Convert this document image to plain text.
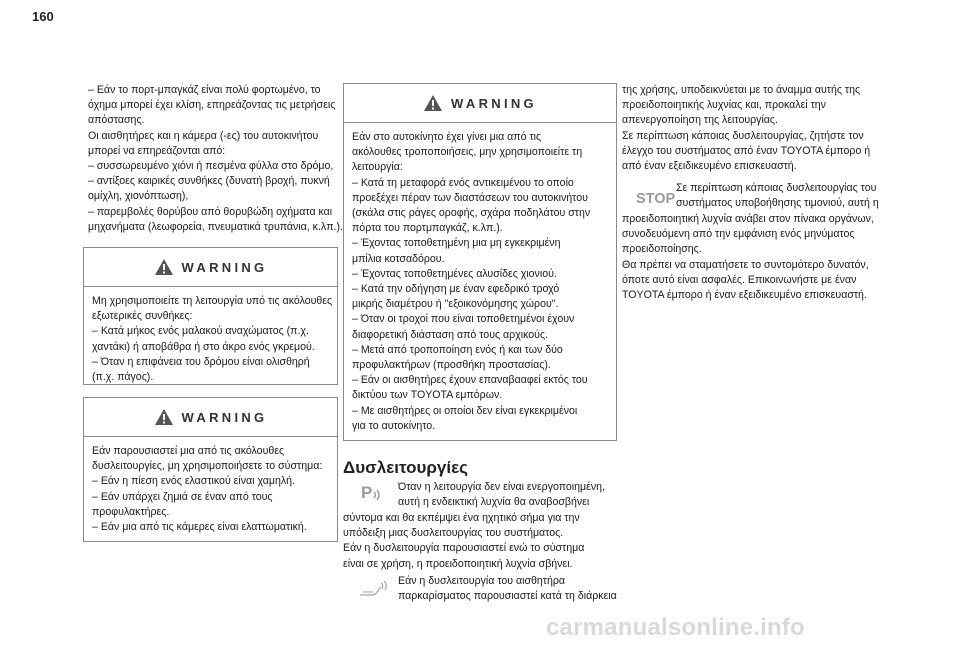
160

– Εάν το πορτ-μπαγκάζ είναι πολύ φορτωμένο, το

όχημα μπορεί έχει κλίση, επηρεάζοντας τις μετρήσεις

απόστασης.

Οι αισθητήρες και η κάμερα (-ες) του αυτοκινήτου

μπορεί να επηρεάζονται από:

– συσσωρευμένο χιόνι ή πεσμένα φύλλα στο δρόμο,

– αντίξοες καιρικές συνθήκες (δυνατή βροχή, πυκνή

ομίχλη, χιονόπτωση),

– παρεμβολές θορύβου από θορυβώδη οχήματα και

μηχανήματα (λεωφορεία, πνευματικά τρυπάνια, κ.λπ.).

WARNING

Μη χρησιμοποιείτε τη λειτουργία υπό τις ακόλουθες

εξωτερικές συνθήκες:

– Κατά μήκος ενός μαλακού αναχώματος (π.χ.

χαντάκι) ή αποβάθρα ή στο άκρο ενός γκρεμού.

– Όταν η επιφάνεια του δρόμου είναι ολισθηρή

(π.χ. πάγος).

WARNING

Εάν παρουσιαστεί μια από τις ακόλουθες

δυσλειτουργίες, μη χρησιμοποιήσετε το σύστημα:

– Εάν η πίεση ενός ελαστικού είναι χαμηλή.

– Εάν υπάρχει ζημιά σε έναν από τους

προφυλακτήρες.

– Εάν μια από τις κάμερες είναι ελαττωματική.

WARNING

Εάν στο αυτοκίνητο έχει γίνει μια από τις

ακόλουθες τροποποιήσεις, μην χρησιμοποιείτε τη

λειτουργία:

– Κατά τη μεταφορά ενός αντικειμένου το οποίο

προεξέχει πέραν των διαστάσεων του αυτοκινήτου

(σκάλα στις ράγες οροφής, σχάρα ποδηλάτου στην

πόρτα του πορτμπαγκάζ, κ.λπ.).

– Έχοντας τοποθετημένη μια μη εγκεκριμένη

μπίλια κοτσαδόρου.

– Έχοντας τοποθετημένες αλυσίδες χιονιού.

– Κατά την οδήγηση με έναν εφεδρικό τροχό

μικρής διαμέτρου ή "εξοικονόμησης χώρου".

– Όταν οι τροχοί που είναι τοποθετημένοι έχουν

διαφορετική διάσταση από τους αρχικούς.

– Μετά από τροποποίηση ενός ή και των δύο

προφυλακτήρων (προσθήκη προστασίας).

– Εάν οι αισθητήρες έχουν επαναβααφεί εκτός του

δικτύου των TOYOTA εμπόρων.

– Με αισθητήρες οι οποίοι δεν είναι εγκεκριμένοι

για το αυτοκίνητο.

Δυσλειτουργίες
P Όταν η λειτουργία δεν είναι ενεργοποιημένη,

αυτή η ενδεικτική λυχνία θα αναβοσβήνει

σύντομα και θα εκπέμψει ένα ηχητικό σήμα για την

υπόδειξη μιας δυσλειτουργίας του συστήματος.

Εάν η δυσλειτουργία παρουσιαστεί ενώ το σύστημα

είναι σε χρήση, η προειδοποιητική λυχνία σβήνει.

Εάν η δυσλειτουργία του αισθητήρα

παρκαρίσματος παρουσιαστεί κατά τη διάρκεια

της χρήσης, υποδεικνύεται με το άναμμα αυτής της

προειδοποιητικής λυχνίας και, προκαλεί την

απενεργοποίηση της λειτουργίας.

Σε περίπτωση κάποιας δυσλειτουργίας, ζητήστε τον

έλεγχο του συστήματος από έναν TOYOTA έμπορο ή

από έναν εξειδικευμένο επισκευαστή.

STOP

Σε περίπτωση κάποιας δυσλειτουργίας του

συστήματος υποβοήθησης τιμονιού, αυτή η

προειδοποιητική λυχνία ανάβει στον πίνακα οργάνων,

συνοδευόμενη από την εμφάνιση ενός μηνύματος

προειδοποίησης.

Θα πρέπει να σταματήσετε το συντομότερο δυνατόν,

όποτε αυτό είναι ασφαλές. Επικοινωνήστε με έναν

TOYOTA έμπορο ή έναν εξειδικευμένο επισκευαστή.

carmanualsonline.info
